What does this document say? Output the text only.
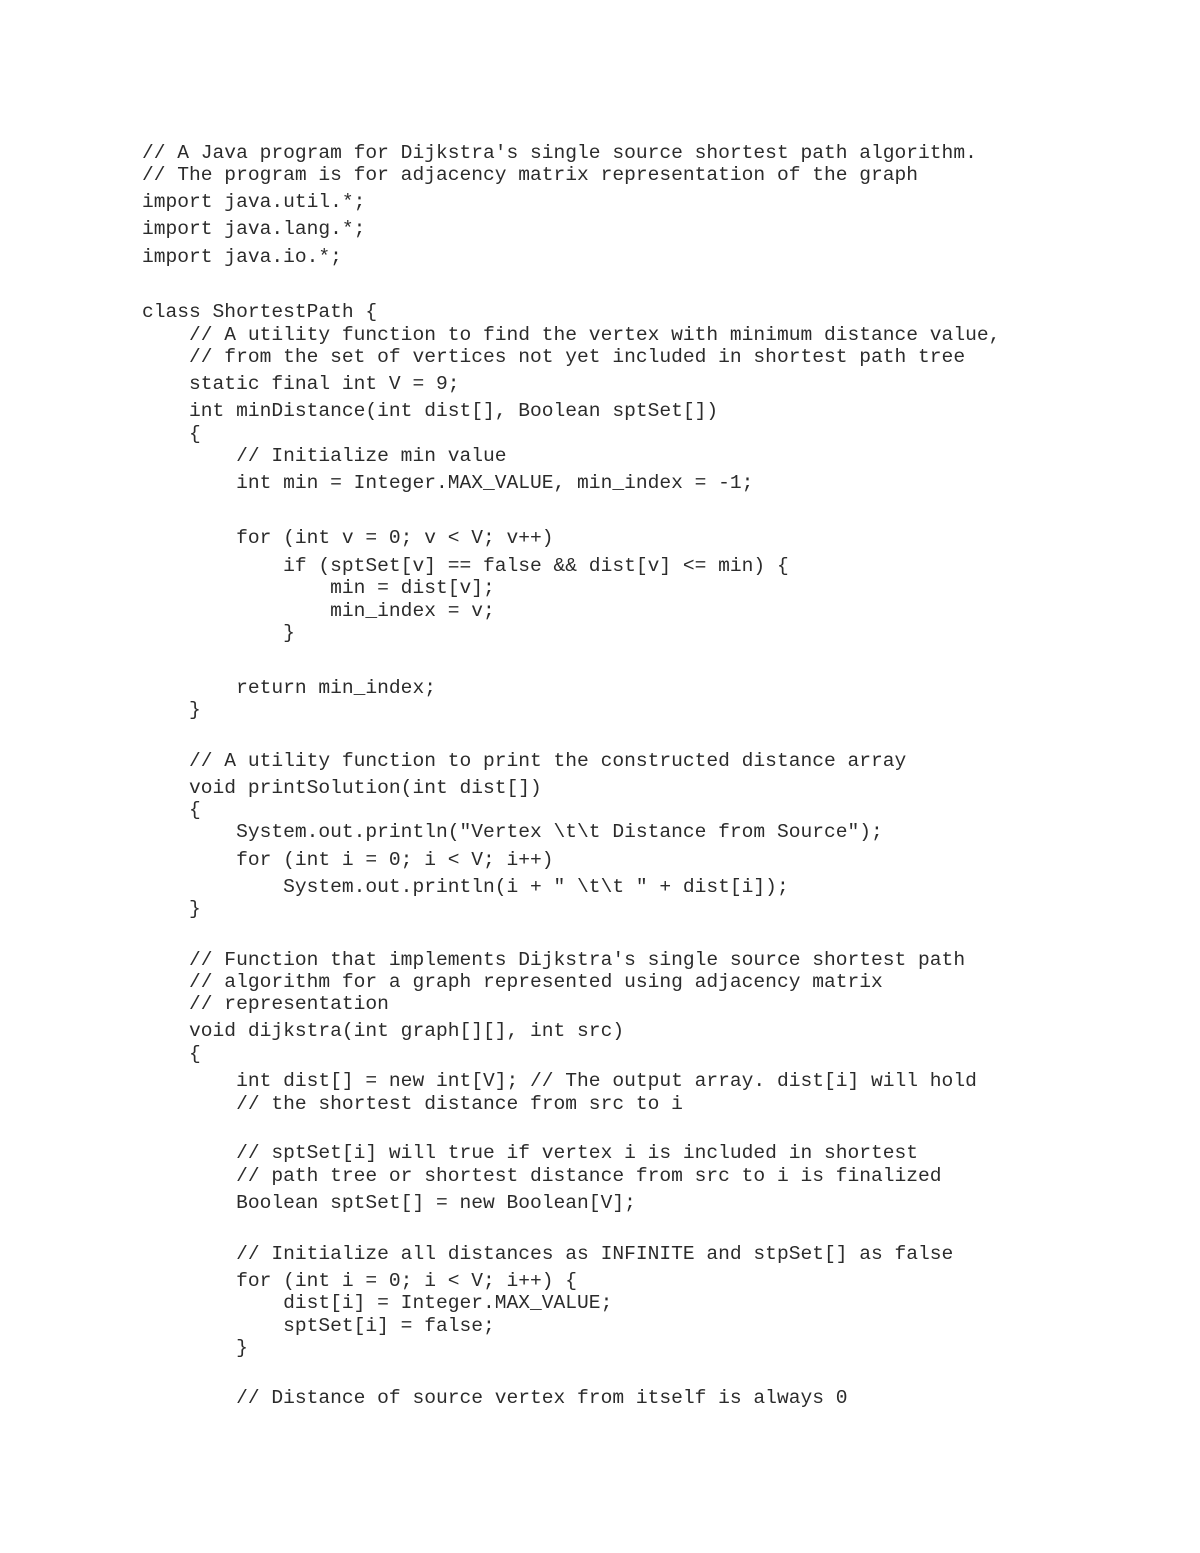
// A Java program for Dijkstra's single source shortest path algorithm.
// The program is for adjacency matrix representation of the graph
import java.util.*;
import java.lang.*;
import java.io.*;
class ShortestPath {
// A utility function to find the vertex with minimum distance value,
// from the set of vertices not yet included in shortest path tree
static final int V = 9;
int minDistance(int dist[], Boolean sptSet[])
{
// Initialize min value
int min = Integer.MAX_VALUE, min_index = -1;
for (int v = 0; v < V; v++)
if (sptSet[v] == false && dist[v] <= min) {
min = dist[v];
min_index = v;
}
return min_index;
}
// A utility function to print the constructed distance array
void printSolution(int dist[])
{
System.out.println("Vertex \t\t Distance from Source");
for (int i = 0; i < V; i++)
System.out.println(i + " \t\t " + dist[i]);
}
// Function that implements Dijkstra's single source shortest path
// algorithm for a graph represented using adjacency matrix
// representation
void dijkstra(int graph[][], int src)
{
int dist[] = new int[V]; // The output array. dist[i] will hold
// the shortest distance from src to i
// sptSet[i] will true if vertex i is included in shortest
// path tree or shortest distance from src to i is finalized
Boolean sptSet[] = new Boolean[V];
// Initialize all distances as INFINITE and stpSet[] as false
for (int i = 0; i < V; i++) {
dist[i] = Integer.MAX_VALUE;
sptSet[i] = false;
}
// Distance of source vertex from itself is always 0
